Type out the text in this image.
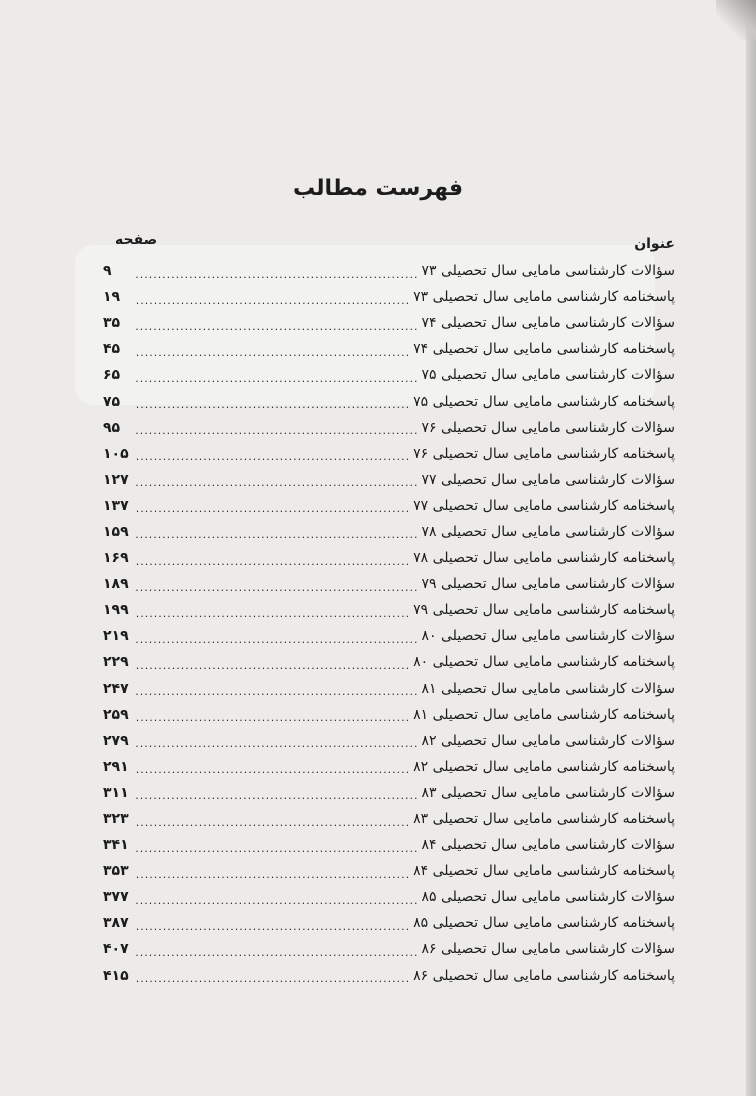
فهرست مطالب
عنوان
صفحه
سؤالات کارشناسی مامایی سال تحصیلی ۷۳
.....
۹
پاسخنامه کارشناسی مامایی سال تحصیلی ۷۳
.....
۱۹
سؤالات کارشناسی مامایی سال تحصیلی ۷۴
.....
۳۵
پاسخنامه کارشناسی مامایی سال تحصیلی ۷۴
.....
۴۵
سؤالات کارشناسی مامایی سال تحصیلی ۷۵
.....
۶۵
پاسخنامه کارشناسی مامایی سال تحصیلی ۷۵
.....
۷۵
سؤالات کارشناسی مامایی سال تحصیلی ۷۶
.....
۹۵
پاسخنامه کارشناسی مامایی سال تحصیلی ۷۶
.....
۱۰۵
سؤالات کارشناسی مامایی سال تحصیلی ۷۷
.....
۱۲۷
پاسخنامه کارشناسی مامایی سال تحصیلی ۷۷
.....
۱۳۷
سؤالات کارشناسی مامایی سال تحصیلی ۷۸
.....
۱۵۹
پاسخنامه کارشناسی مامایی سال تحصیلی ۷۸
.....
۱۶۹
سؤالات کارشناسی مامایی سال تحصیلی ۷۹
.....
۱۸۹
پاسخنامه کارشناسی مامایی سال تحصیلی ۷۹
.....
۱۹۹
سؤالات کارشناسی مامایی سال تحصیلی ۸۰
.....
۲۱۹
پاسخنامه کارشناسی مامایی سال تحصیلی ۸۰
.....
۲۲۹
سؤالات کارشناسی مامایی سال تحصیلی ۸۱
.....
۲۴۷
پاسخنامه کارشناسی مامایی سال تحصیلی ۸۱
.....
۲۵۹
سؤالات کارشناسی مامایی سال تحصیلی ۸۲
.....
۲۷۹
پاسخنامه کارشناسی مامایی سال تحصیلی ۸۲
.....
۲۹۱
سؤالات کارشناسی مامایی سال تحصیلی ۸۳
.....
۳۱۱
پاسخنامه کارشناسی مامایی سال تحصیلی ۸۳
.....
۳۲۳
سؤالات کارشناسی مامایی سال تحصیلی ۸۴
.....
۳۴۱
پاسخنامه کارشناسی مامایی سال تحصیلی ۸۴
.....
۳۵۳
سؤالات کارشناسی مامایی سال تحصیلی ۸۵
.....
۳۷۷
پاسخنامه کارشناسی مامایی سال تحصیلی ۸۵
.....
۳۸۷
سؤالات کارشناسی مامایی سال تحصیلی ۸۶
.....
۴۰۷
پاسخنامه کارشناسی مامایی سال تحصیلی ۸۶
.....
۴۱۵
